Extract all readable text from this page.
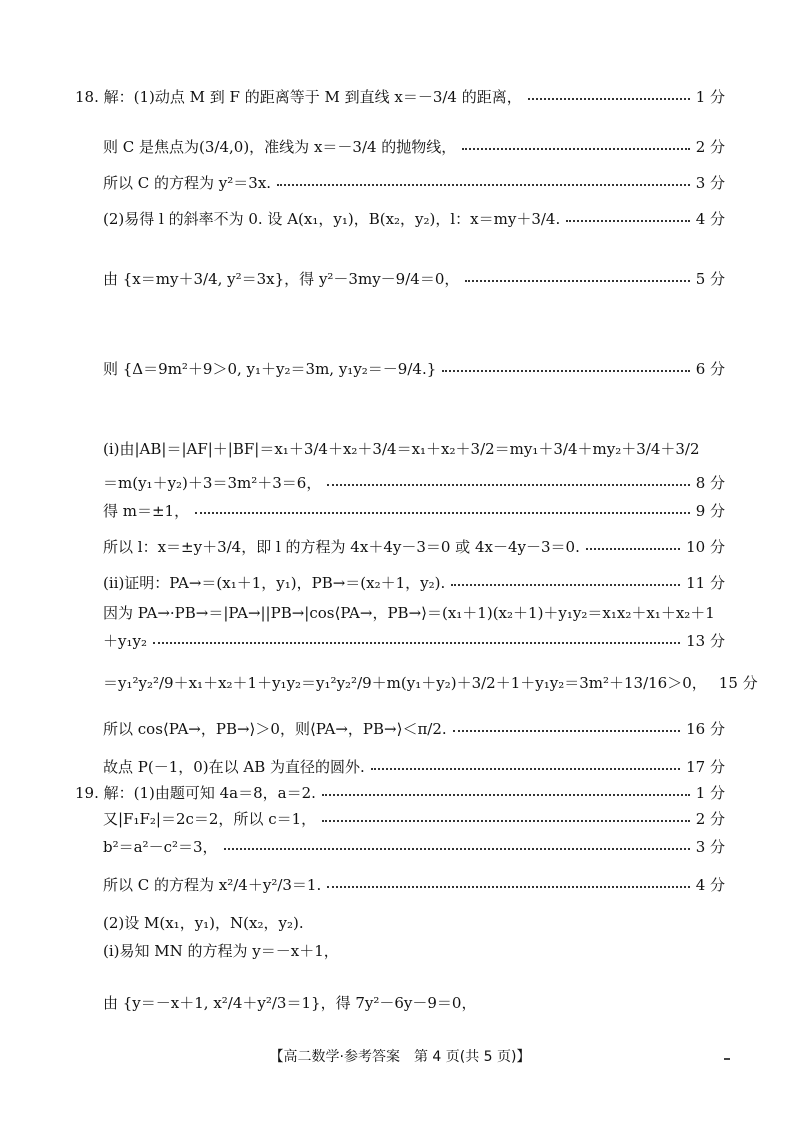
18. 解：(1)动点 M 到 F 的距离等于 M 到直线 x＝－3/4 的距离，	1 分
则 C 是焦点为(3/4,0)，准线为 x＝－3/4 的抛物线，	2 分
所以 C 的方程为 y²＝3x.	3 分
(2)易得 l 的斜率不为 0. 设 A(x₁，y₁)，B(x₂，y₂)，l：x＝my＋3/4.	4 分
由 {x＝my＋3/4, y²＝3x}，得 y²－3my－9/4＝0，	5 分
则 {Δ＝9m²＋9＞0, y₁＋y₂＝3m, y₁y₂＝－9/4.}	6 分
(ⅰ)由|AB|＝|AF|＋|BF|＝x₁＋3/4＋x₂＋3/4＝x₁＋x₂＋3/2＝my₁＋3/4＋my₂＋3/4＋3/2
＝m(y₁＋y₂)＋3＝3m²＋3＝6，	8 分
得 m＝±1，	9 分
所以 l：x＝±y＋3/4，即 l 的方程为 4x＋4y－3＝0 或 4x－4y－3＝0.	10 分
(ⅱ)证明：PA→＝(x₁＋1，y₁)，PB→＝(x₂＋1，y₂).	11 分
因为 PA→·PB→＝|PA→||PB→|cos⟨PA→，PB→⟩＝(x₁＋1)(x₂＋1)＋y₁y₂＝x₁x₂＋x₁＋x₂＋1
＋y₁y₂	13 分
＝y₁²y₂²/9＋x₁＋x₂＋1＋y₁y₂＝y₁²y₂²/9＋m(y₁＋y₂)＋3/2＋1＋y₁y₂＝3m²＋13/16＞0， 15 分
所以 cos⟨PA→，PB→⟩＞0，则⟨PA→，PB→⟩＜π/2.	16 分
故点 P(－1，0)在以 AB 为直径的圆外.	17 分
19. 解：(1)由题可知 4a＝8，a＝2.	1 分
又|F₁F₂|＝2c＝2，所以 c＝1，	2 分
b²＝a²－c²＝3，	3 分
所以 C 的方程为 x²/4＋y²/3＝1.	4 分
(2)设 M(x₁，y₁)，N(x₂，y₂).
(ⅰ)易知 MN 的方程为 y＝－x＋1，
由 {y＝－x＋1, x²/4＋y²/3＝1}，得 7y²－6y－9＝0，
【高二数学·参考答案　第 4 页(共 5 页)】
